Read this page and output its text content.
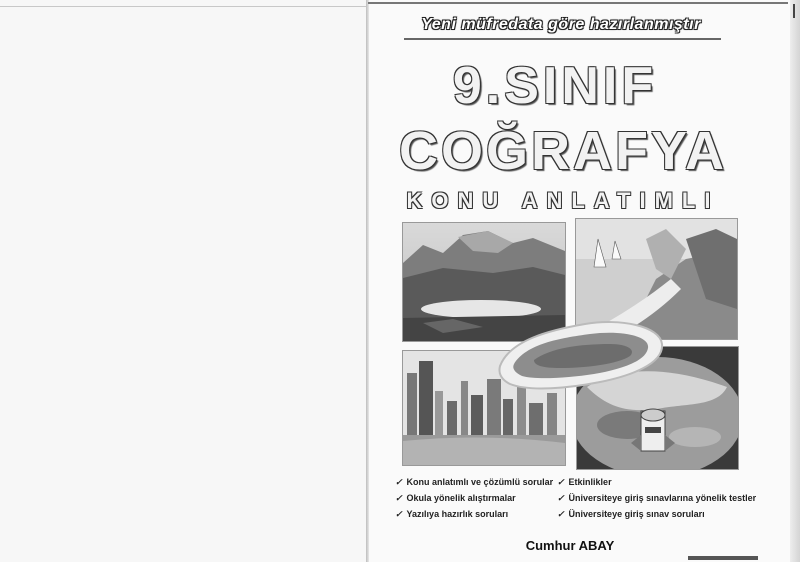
Yeni müfredata göre hazırlanmıştır
9.SINIF
COĞRAFYA
KONU ANLATIMLI
✓ Konu anlatımlı ve çözümlü sorular
✓ Okula yönelik alıştırmalar
✓ Yazılıya hazırlık soruları
✓ Etkinlikler
✓ Üniversiteye giriş sınavlarına yönelik testler
✓ Üniversiteye giriş sınav soruları
Cumhur ABAY
